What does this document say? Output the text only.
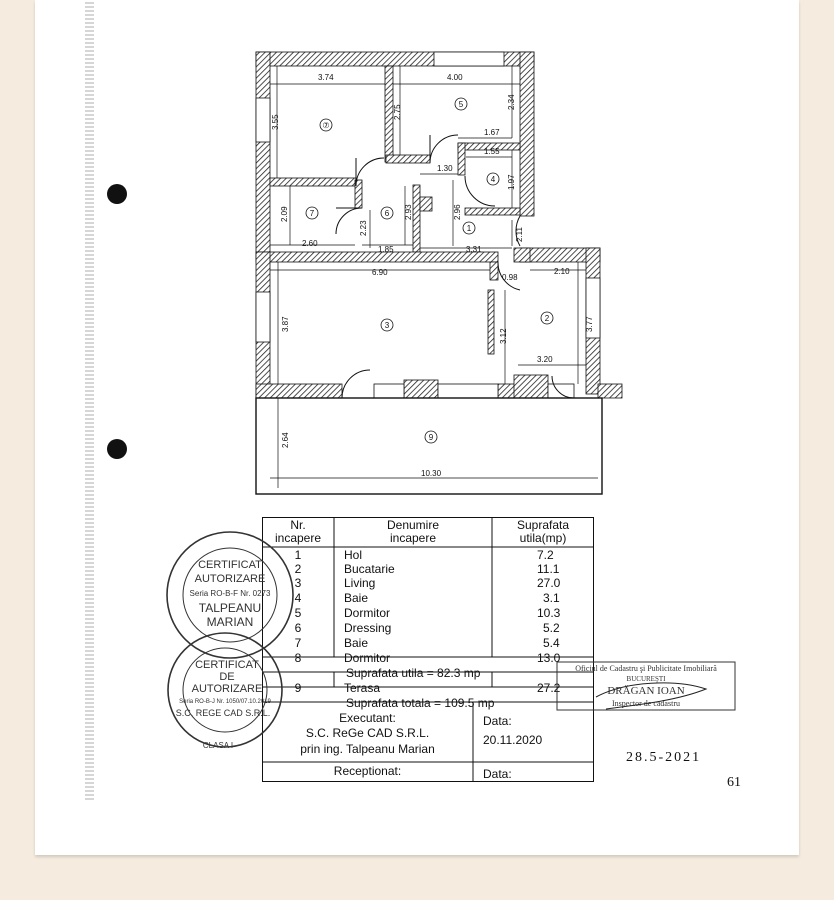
⑦
5
4
7	6
1
3
2
9
3.74	4.00
2.75
2.34
3.55
1.67
1.55
1.30
1.97
2.09
2.23
2.93	2.96
2.11
2.60
1.85	3.31
6.90
0.98
2.10
3.87
3.12
3.77
3.20
2.64
10.30
Nr.
incapere
Denumire
incapere
Suprafata
utila(mp)
1	Hol	7.2
2	Bucatarie	11.1
3	Living	27.0
4	Baie	3.1
5	Dormitor	10.3
6	Dressing	5.2
7	Baie	5.4
8	Dormitor	13.0
Suprafata utila = 82.3 mp
9	Terasa	27.2
Suprafata totala = 109.5 mp
Executant:
S.C. ReGe CAD S.R.L.
prin ing. Talpeanu Marian
Data:
20.11.2020
Receptionat:	Data:
CERTIFICAT
AUTORIZARE
Seria RO-B-F Nr. 0273
TALPEANU
MARIAN
CERTIFICAT
DE
AUTORIZARE
Seria RO-B-J Nr. 1050/07.10.2019
S.C. REGE CAD S.R.L.
CLASA I
Oficiul de Cadastru şi Publicitate Imobiliară
BUCUREŞTI
DRĂGAN IOAN
Inspector de cadastru
28.5-2021
61
